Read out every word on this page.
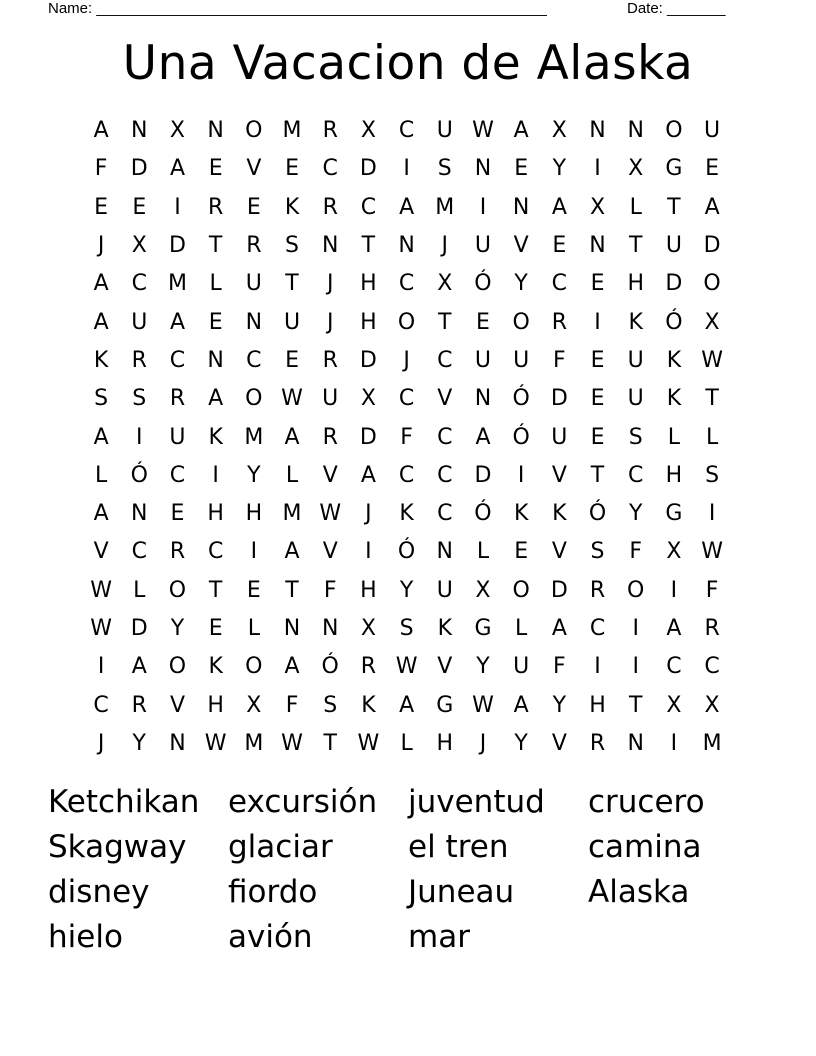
Name: ______________________________________________________	Date: _______
Una Vacacion de Alaska
A	N	X	N O M R	X	C	U W A	X	N N O U
F	D	A	E	V	E	C	D	I	S	N	E	Y	I	X	G	E
E	E	I	R	E	K	R	C	A M	I	N	A	X	L	T	A
J	X	D	T	R	S	N	T	N	J	U	V	E	N	T	U D
A	C M	L	U	T	J	H	C	X Ó	Y	C	E	H D O
A	U	A	E	N U	J	H O	T	E	O R	I	K	Ó X
K	R	C	N	C	E	R	D	J	C	U	U	F	E	U	K W
S	S	R	A O W U	X	C	V	N Ó D	E	U	K	T
A	I	U	K M A	R	D	F	C	A Ó U	E	S	L	L
L	Ó C	I	Y	L	V	A	C	C	D	I	V	T	C	H	S
A	N	E	H H M W	J	K	C Ó	K	K	Ó	Y	G	I
V	C	R	C	I	A	V	I	Ó N	L	E	V	S	F	X W
W L	O	T	E	T	F	H	Y	U	X O D	R O	I	F
W D	Y	E	L	N N	X	S	K	G	L	A	C	I	A	R
I	A O	K	O	A Ó R W V	Y	U	F	I	I	C	C
C	R	V	H	X	F	S	K	A	G W A	Y	H	T	X	X
J	Y	N W M W T W L	H	J	Y	V	R	N	I	M
Ketchikan excursión juventud	crucero
Skagway	glaciar	el tren	camina
disney	fiordo	Juneau	Alaska
hielo	avión	mar
